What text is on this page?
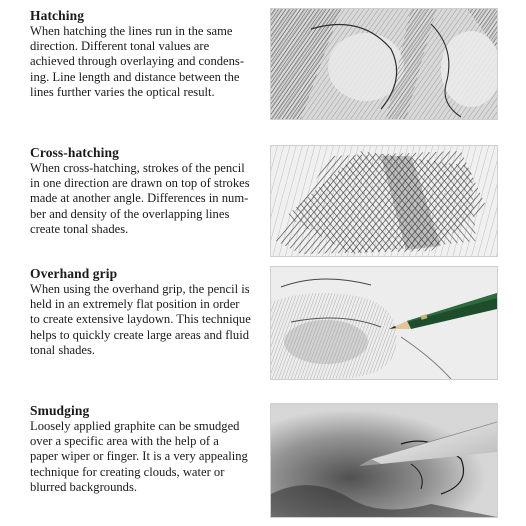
Hatching
When hatching the lines run in the same
direction. Different tonal values are
achieved through overlaying and condens-
ing. Line length and distance between the
lines further varies the optical result.
Cross-hatching
When cross-hatching, strokes of the pencil
in one direction are drawn on top of strokes
made at another angle. Differences in num-
ber and density of the overlapping lines
create tonal shades.
Overhand grip
When using the overhand grip, the pencil is
held in an extremely flat position in order
to create extensive laydown. This technique
helps to quickly create large areas and fluid
tonal shades.
Smudging
Loosely applied graphite can be smudged
over a specific area with the help of a
paper wiper or finger. It is a very appealing
technique for creating clouds, water or
blurred backgrounds.
